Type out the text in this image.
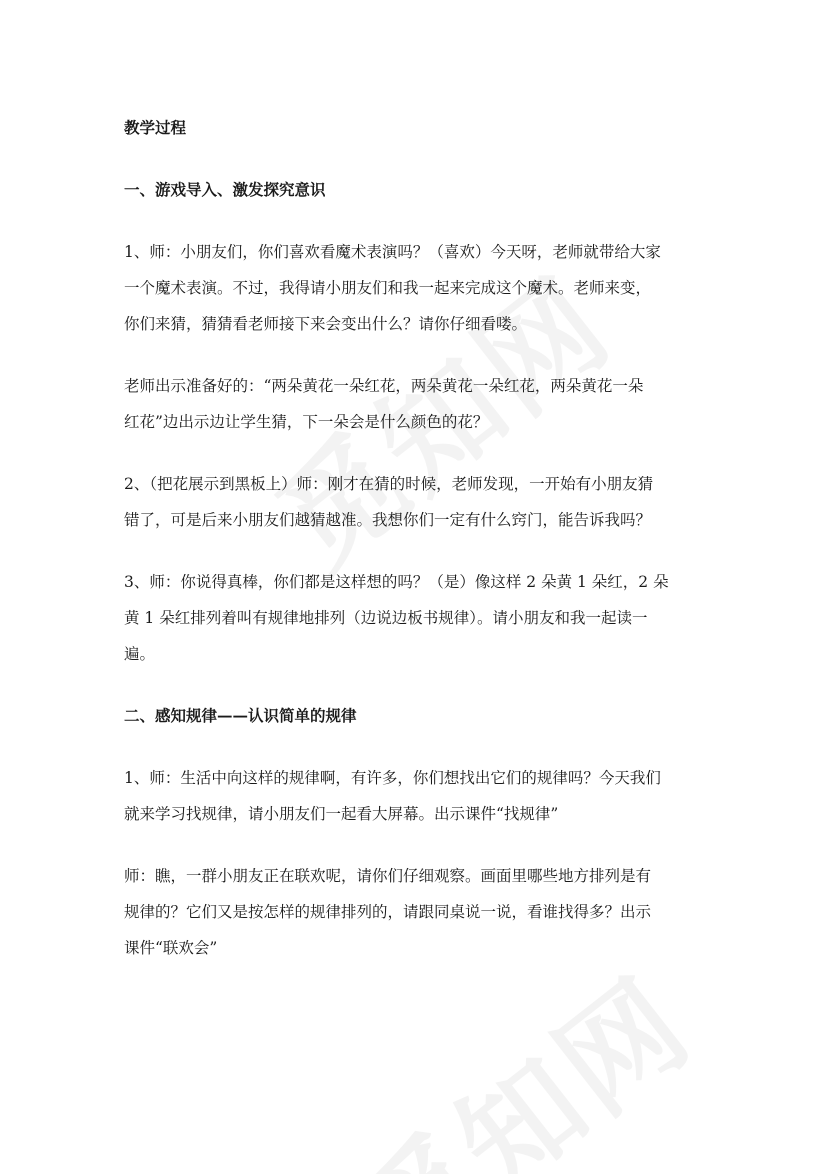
教学过程
一、游戏导入、激发探究意识
1、师：小朋友们，你们喜欢看魔术表演吗？（喜欢）今天呀，老师就带给大家
一个魔术表演。不过，我得请小朋友们和我一起来完成这个魔术。老师来变，
你们来猜，猜猜看老师接下来会变出什么？请你仔细看喽。
老师出示准备好的：“两朵黄花一朵红花，两朵黄花一朵红花，两朵黄花一朵
红花”边出示边让学生猜，下一朵会是什么颜色的花？
2、（把花展示到黑板上）师：刚才在猜的时候，老师发现，一开始有小朋友猜
错了，可是后来小朋友们越猜越准。我想你们一定有什么窍门，能告诉我吗？
3、师：你说得真棒，你们都是这样想的吗？（是）像这样 2 朵黄 1 朵红，2 朵
黄 1 朵红排列着叫有规律地排列（边说边板书规律）。请小朋友和我一起读一
遍。
二、感知规律——认识简单的规律
1、师：生活中向这样的规律啊，有许多，你们想找出它们的规律吗？今天我们
就来学习找规律，请小朋友们一起看大屏幕。出示课件“找规律”
师：瞧，一群小朋友正在联欢呢，请你们仔细观察。画面里哪些地方排列是有
规律的？它们又是按怎样的规律排列的，请跟同桌说一说，看谁找得多？出示
课件“联欢会”
